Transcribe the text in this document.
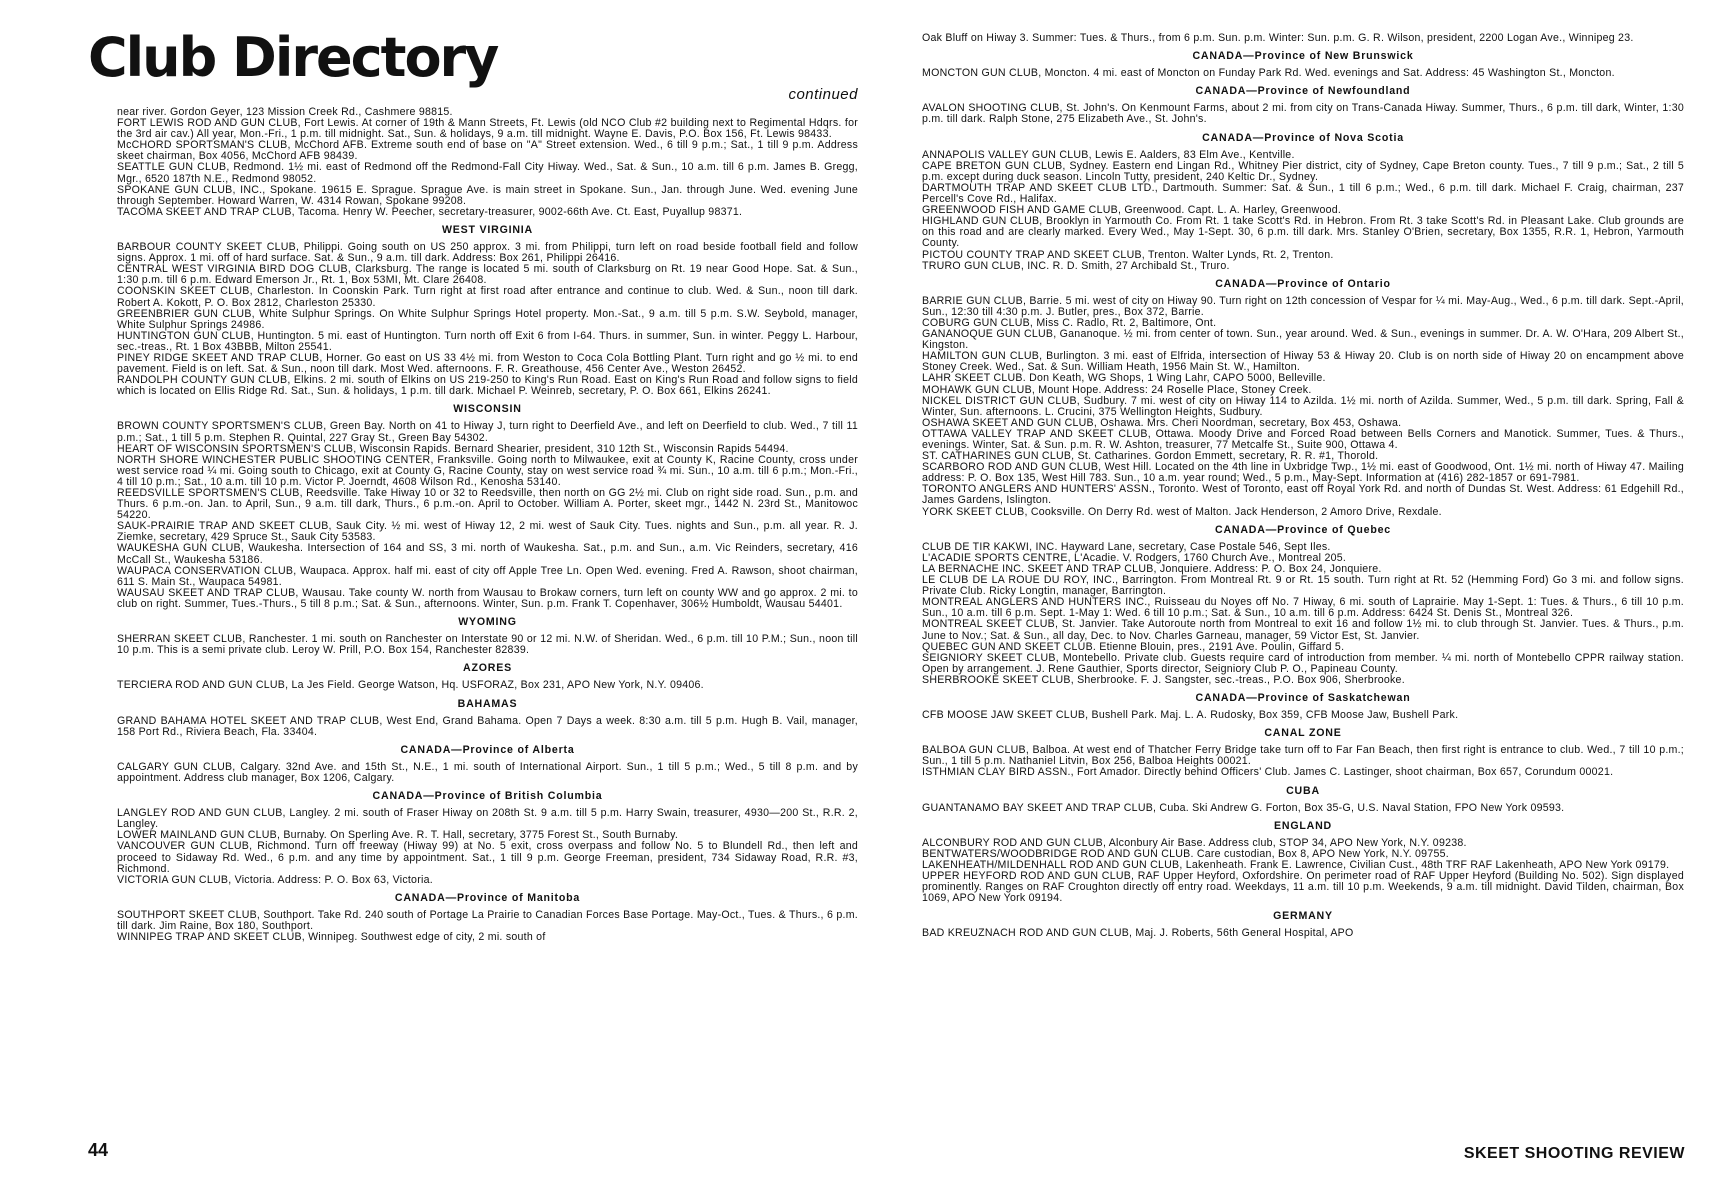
Club Directory
continued

near river. Gordon Geyer, 123 Mission Creek Rd., Cashmere 98815.

FORT LEWIS ROD AND GUN CLUB, Fort Lewis. At corner of 19th & Mann Streets, Ft. Lewis (old NCO Club #2 building next to Regimental Hdqrs. for the 3rd air cav.) All year, Mon.-Fri., 1 p.m. till midnight. Sat., Sun. & holidays, 9 a.m. till midnight. Wayne E. Davis, P.O. Box 156, Ft. Lewis 98433.

McCHORD SPORTSMAN'S CLUB, McChord AFB. Extreme south end of base on "A" Street extension. Wed., 6 till 9 p.m.; Sat., 1 till 9 p.m. Address skeet chairman, Box 4056, McChord AFB 98439.

SEATTLE GUN CLUB, Redmond. 1½ mi. east of Redmond off the Redmond-Fall City Hiway. Wed., Sat. & Sun., 10 a.m. till 6 p.m. James B. Gregg, Mgr., 6520 187th N.E., Redmond 98052.

SPOKANE GUN CLUB, INC., Spokane. 19615 E. Sprague. Sprague Ave. is main street in Spokane. Sun., Jan. through June. Wed. evening June through September. Howard Warren, W. 4314 Rowan, Spokane 99208.

TACOMA SKEET AND TRAP CLUB, Tacoma. Henry W. Peecher, secretary-treasurer, 9002-66th Ave. Ct. East, Puyallup 98371.

WEST VIRGINIA

BARBOUR COUNTY SKEET CLUB, Philippi. Going south on US 250 approx. 3 mi. from Philippi, turn left on road beside football field and follow signs. Approx. 1 mi. off of hard surface. Sat. & Sun., 9 a.m. till dark. Address: Box 261, Philippi 26416.

CENTRAL WEST VIRGINIA BIRD DOG CLUB, Clarksburg. The range is located 5 mi. south of Clarksburg on Rt. 19 near Good Hope. Sat. & Sun., 1:30 p.m. till 6 p.m. Edward Emerson Jr., Rt. 1, Box 53MI, Mt. Clare 26408.

COONSKIN SKEET CLUB, Charleston. In Coonskin Park. Turn right at first road after entrance and continue to club. Wed. & Sun., noon till dark. Robert A. Kokott, P. O. Box 2812, Charleston 25330.

GREENBRIER GUN CLUB, White Sulphur Springs. On White Sulphur Springs Hotel property. Mon.-Sat., 9 a.m. till 5 p.m. S.W. Seybold, manager, White Sulphur Springs 24986.

HUNTINGTON GUN CLUB, Huntington. 5 mi. east of Huntington. Turn north off Exit 6 from I-64. Thurs. in summer, Sun. in winter. Peggy L. Harbour, sec.-treas., Rt. 1 Box 43BBB, Milton 25541.

PINEY RIDGE SKEET AND TRAP CLUB, Horner. Go east on US 33 4½ mi. from Weston to Coca Cola Bottling Plant. Turn right and go ½ mi. to end pavement. Field is on left. Sat. & Sun., noon till dark. Most Wed. afternoons. F. R. Greathouse, 456 Center Ave., Weston 26452.

RANDOLPH COUNTY GUN CLUB, Elkins. 2 mi. south of Elkins on US 219-250 to King's Run Road. East on King's Run Road and follow signs to field which is located on Ellis Ridge Rd. Sat., Sun. & holidays, 1 p.m. till dark. Michael P. Weinreb, secretary, P. O. Box 661, Elkins 26241.

WISCONSIN

BROWN COUNTY SPORTSMEN'S CLUB, Green Bay. North on 41 to Hiway J, turn right to Deerfield Ave., and left on Deerfield to club. Wed., 7 till 11 p.m.; Sat., 1 till 5 p.m. Stephen R. Quintal, 227 Gray St., Green Bay 54302.

HEART OF WISCONSIN SPORTSMEN'S CLUB, Wisconsin Rapids. Bernard Shearier, president, 310 12th St., Wisconsin Rapids 54494.

NORTH SHORE WINCHESTER PUBLIC SHOOTING CENTER, Franksville. Going north to Milwaukee, exit at County K, Racine County, cross under west service road ¼ mi. Going south to Chicago, exit at County G, Racine County, stay on west service road ¾ mi. Sun., 10 a.m. till 6 p.m.; Mon.-Fri., 4 till 10 p.m.; Sat., 10 a.m. till 10 p.m. Victor P. Joerndt, 4608 Wilson Rd., Kenosha 53140.

REEDSVILLE SPORTSMEN'S CLUB, Reedsville. Take Hiway 10 or 32 to Reedsville, then north on GG 2½ mi. Club on right side road. Sun., p.m. and Thurs. 6 p.m.-on. Jan. to April, Sun., 9 a.m. till dark, Thurs., 6 p.m.-on. April to October. William A. Porter, skeet mgr., 1442 N. 23rd St., Manitowoc 54220.

SAUK-PRAIRIE TRAP AND SKEET CLUB, Sauk City. ½ mi. west of Hiway 12, 2 mi. west of Sauk City. Tues. nights and Sun., p.m. all year. R. J. Ziemke, secretary, 429 Spruce St., Sauk City 53583.

WAUKESHA GUN CLUB, Waukesha. Intersection of 164 and SS, 3 mi. north of Waukesha. Sat., p.m. and Sun., a.m. Vic Reinders, secretary, 416 McCall St., Waukesha 53186.

WAUPACA CONSERVATION CLUB, Waupaca. Approx. half mi. east of city off Apple Tree Ln. Open Wed. evening. Fred A. Rawson, shoot chairman, 611 S. Main St., Waupaca 54981.

WAUSAU SKEET AND TRAP CLUB, Wausau. Take county W. north from Wausau to Brokaw corners, turn left on county WW and go approx. 2 mi. to club on right. Summer, Tues.-Thurs., 5 till 8 p.m.; Sat. & Sun., afternoons. Winter, Sun. p.m. Frank T. Copenhaver, 306½ Humboldt, Wausau 54401.

WYOMING

SHERRAN SKEET CLUB, Ranchester. 1 mi. south on Ranchester on Interstate 90 or 12 mi. N.W. of Sheridan. Wed., 6 p.m. till 10 P.M.; Sun., noon till 10 p.m. This is a semi private club. Leroy W. Prill, P.O. Box 154, Ranchester 82839.

AZORES

TERCIERA ROD AND GUN CLUB, La Jes Field. George Watson, Hq. USFORAZ, Box 231, APO New York, N.Y. 09406.

BAHAMAS

GRAND BAHAMA HOTEL SKEET AND TRAP CLUB, West End, Grand Bahama. Open 7 Days a week. 8:30 a.m. till 5 p.m. Hugh B. Vail, manager, 158 Port Rd., Riviera Beach, Fla. 33404.

CANADA—Province of Alberta

CALGARY GUN CLUB, Calgary. 32nd Ave. and 15th St., N.E., 1 mi. south of International Airport. Sun., 1 till 5 p.m.; Wed., 5 till 8 p.m. and by appointment. Address club manager, Box 1206, Calgary.

CANADA—Province of British Columbia

LANGLEY ROD AND GUN CLUB, Langley. 2 mi. south of Fraser Hiway on 208th St. 9 a.m. till 5 p.m. Harry Swain, treasurer, 4930—200 St., R.R. 2, Langley.

LOWER MAINLAND GUN CLUB, Burnaby. On Sperling Ave. R. T. Hall, secretary, 3775 Forest St., South Burnaby.

VANCOUVER GUN CLUB, Richmond. Turn off freeway (Hiway 99) at No. 5 exit, cross overpass and follow No. 5 to Blundell Rd., then left and proceed to Sidaway Rd. Wed., 6 p.m. and any time by appointment. Sat., 1 till 9 p.m. George Freeman, president, 734 Sidaway Road, R.R. #3, Richmond.

VICTORIA GUN CLUB, Victoria. Address: P. O. Box 63, Victoria.

CANADA—Province of Manitoba

SOUTHPORT SKEET CLUB, Southport. Take Rd. 240 south of Portage La Prairie to Canadian Forces Base Portage. May-Oct., Tues. & Thurs., 6 p.m. till dark. Jim Raine, Box 180, Southport.

WINNIPEG TRAP AND SKEET CLUB, Winnipeg. Southwest edge of city, 2 mi. south of

Oak Bluff on Hiway 3. Summer: Tues. & Thurs., from 6 p.m. Sun. p.m. Winter: Sun. p.m. G. R. Wilson, president, 2200 Logan Ave., Winnipeg 23.

CANADA—Province of New Brunswick

MONCTON GUN CLUB, Moncton. 4 mi. east of Moncton on Funday Park Rd. Wed. evenings and Sat. Address: 45 Washington St., Moncton.

CANADA—Province of Newfoundland

AVALON SHOOTING CLUB, St. John's. On Kenmount Farms, about 2 mi. from city on Trans-Canada Hiway. Summer, Thurs., 6 p.m. till dark, Winter, 1:30 p.m. till dark. Ralph Stone, 275 Elizabeth Ave., St. John's.

CANADA—Province of Nova Scotia

ANNAPOLIS VALLEY GUN CLUB, Lewis E. Aalders, 83 Elm Ave., Kentville.

CAPE BRETON GUN CLUB, Sydney. Eastern end Lingan Rd., Whitney Pier district, city of Sydney, Cape Breton county. Tues., 7 till 9 p.m.; Sat., 2 till 5 p.m. except during duck season. Lincoln Tutty, president, 240 Keltic Dr., Sydney.

DARTMOUTH TRAP AND SKEET CLUB LTD., Dartmouth. Summer: Sat. & Sun., 1 till 6 p.m.; Wed., 6 p.m. till dark. Michael F. Craig, chairman, 237 Percell's Cove Rd., Halifax.

GREENWOOD FISH AND GAME CLUB, Greenwood. Capt. L. A. Harley, Greenwood.

HIGHLAND GUN CLUB, Brooklyn in Yarmouth Co. From Rt. 1 take Scott's Rd. in Hebron. From Rt. 3 take Scott's Rd. in Pleasant Lake. Club grounds are on this road and are clearly marked. Every Wed., May 1-Sept. 30, 6 p.m. till dark. Mrs. Stanley O'Brien, secretary, Box 1355, R.R. 1, Hebron, Yarmouth County.

PICTOU COUNTY TRAP AND SKEET CLUB, Trenton. Walter Lynds, Rt. 2, Trenton.

TRURO GUN CLUB, INC. R. D. Smith, 27 Archibald St., Truro.

CANADA—Province of Ontario

BARRIE GUN CLUB, Barrie. 5 mi. west of city on Hiway 90. Turn right on 12th concession of Vespar for ¼ mi. May-Aug., Wed., 6 p.m. till dark. Sept.-April, Sun., 12:30 till 4:30 p.m. J. Butler, pres., Box 372, Barrie.

COBURG GUN CLUB, Miss C. Radlo, Rt. 2, Baltimore, Ont.

GANANOQUE GUN CLUB, Gananoque. ½ mi. from center of town. Sun., year around. Wed. & Sun., evenings in summer. Dr. A. W. O'Hara, 209 Albert St., Kingston.

HAMILTON GUN CLUB, Burlington. 3 mi. east of Elfrida, intersection of Hiway 53 & Hiway 20. Club is on north side of Hiway 20 on encampment above Stoney Creek. Wed., Sat. & Sun. William Heath, 1956 Main St. W., Hamilton.

LAHR SKEET CLUB. Don Keath, WG Shops, 1 Wing Lahr, CAPO 5000, Belleville.

MOHAWK GUN CLUB, Mount Hope. Address: 24 Roselle Place, Stoney Creek.

NICKEL DISTRICT GUN CLUB, Sudbury. 7 mi. west of city on Hiway 114 to Azilda. 1½ mi. north of Azilda. Summer, Wed., 5 p.m. till dark. Spring, Fall & Winter, Sun. afternoons. L. Crucini, 375 Wellington Heights, Sudbury.

OSHAWA SKEET AND GUN CLUB, Oshawa. Mrs. Cheri Noordman, secretary, Box 453, Oshawa.

OTTAWA VALLEY TRAP AND SKEET CLUB, Ottawa. Moody Drive and Forced Road between Bells Corners and Manotick. Summer, Tues. & Thurs., evenings. Winter, Sat. & Sun. p.m. R. W. Ashton, treasurer, 77 Metcalfe St., Suite 900, Ottawa 4.

ST. CATHARINES GUN CLUB, St. Catharines. Gordon Emmett, secretary, R. R. #1, Thorold.

SCARBORO ROD AND GUN CLUB, West Hill. Located on the 4th line in Uxbridge Twp., 1½ mi. east of Goodwood, Ont. 1½ mi. north of Hiway 47. Mailing address: P. O. Box 135, West Hill 783. Sun., 10 a.m. year round; Wed., 5 p.m., May-Sept. Information at (416) 282-1857 or 691-7981.

TORONTO ANGLERS AND HUNTERS' ASSN., Toronto. West of Toronto, east off Royal York Rd. and north of Dundas St. West. Address: 61 Edgehill Rd., James Gardens, Islington.

YORK SKEET CLUB, Cooksville. On Derry Rd. west of Malton. Jack Henderson, 2 Amoro Drive, Rexdale.

CANADA—Province of Quebec

CLUB DE TIR KAKWI, INC. Hayward Lane, secretary, Case Postale 546, Sept Iles.

L'ACADIE SPORTS CENTRE, L'Acadie. V. Rodgers, 1760 Church Ave., Montreal 205.

LA BERNACHE INC. SKEET AND TRAP CLUB, Jonquiere. Address: P. O. Box 24, Jonquiere.

LE CLUB DE LA ROUE DU ROY, INC., Barrington. From Montreal Rt. 9 or Rt. 15 south. Turn right at Rt. 52 (Hemming Ford) Go 3 mi. and follow signs. Private Club. Ricky Longtin, manager, Barrington.

MONTREAL ANGLERS AND HUNTERS INC., Ruisseau du Noyes off No. 7 Hiway, 6 mi. south of Laprairie. May 1-Sept. 1: Tues. & Thurs., 6 till 10 p.m. Sun., 10 a.m. till 6 p.m. Sept. 1-May 1: Wed. 6 till 10 p.m.; Sat. & Sun., 10 a.m. till 6 p.m. Address: 6424 St. Denis St., Montreal 326.

MONTREAL SKEET CLUB, St. Janvier. Take Autoroute north from Montreal to exit 16 and follow 1½ mi. to club through St. Janvier. Tues. & Thurs., p.m. June to Nov.; Sat. & Sun., all day, Dec. to Nov. Charles Garneau, manager, 59 Victor Est, St. Janvier.

QUEBEC GUN AND SKEET CLUB. Etienne Blouin, pres., 2191 Ave. Poulin, Giffard 5.

SEIGNIORY SKEET CLUB, Montebello. Private club. Guests require card of introduction from member. ¼ mi. north of Montebello CPPR railway station. Open by arrangement. J. Rene Gauthier, Sports director, Seigniory Club P. O., Papineau County.

SHERBROOKE SKEET CLUB, Sherbrooke. F. J. Sangster, sec.-treas., P.O. Box 906, Sherbrooke.

CANADA—Province of Saskatchewan

CFB MOOSE JAW SKEET CLUB, Bushell Park. Maj. L. A. Rudosky, Box 359, CFB Moose Jaw, Bushell Park.

CANAL ZONE

BALBOA GUN CLUB, Balboa. At west end of Thatcher Ferry Bridge take turn off to Far Fan Beach, then first right is entrance to club. Wed., 7 till 10 p.m.; Sun., 1 till 5 p.m. Nathaniel Litvin, Box 256, Balboa Heights 00021.

ISTHMIAN CLAY BIRD ASSN., Fort Amador. Directly behind Officers' Club. James C. Lastinger, shoot chairman, Box 657, Corundum 00021.

CUBA

GUANTANAMO BAY SKEET AND TRAP CLUB, Cuba. Ski Andrew G. Forton, Box 35-G, U.S. Naval Station, FPO New York 09593.

ENGLAND

ALCONBURY ROD AND GUN CLUB, Alconbury Air Base. Address club, STOP 34, APO New York, N.Y. 09238.

BENTWATERS/WOODBRIDGE ROD AND GUN CLUB. Care custodian, Box 8, APO New York, N.Y. 09755.

LAKENHEATH/MILDENHALL ROD AND GUN CLUB, Lakenheath. Frank E. Lawrence, Civilian Cust., 48th TRF RAF Lakenheath, APO New York 09179.

UPPER HEYFORD ROD AND GUN CLUB, RAF Upper Heyford, Oxfordshire. On perimeter road of RAF Upper Heyford (Building No. 502). Sign displayed prominently. Ranges on RAF Croughton directly off entry road. Weekdays, 11 a.m. till 10 p.m. Weekends, 9 a.m. till midnight. David Tilden, chairman, Box 1069, APO New York 09194.

GERMANY

BAD KREUZNACH ROD AND GUN CLUB, Maj. J. Roberts, 56th General Hospital, APO

44	SKEET SHOOTING REVIEW
